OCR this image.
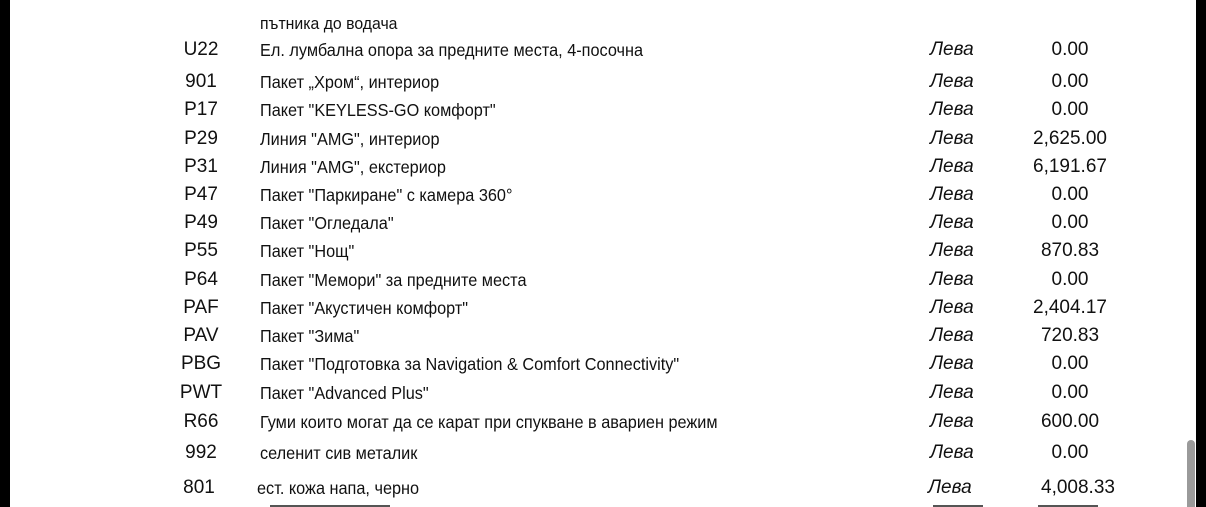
пътника до водача
U22	Ел. лумбална опора за предните места, 4-посочна	Лева	0.00
901	Пакет „Хром“, интериор	Лева	0.00
P17	Пакет "KEYLESS-GO комфорт"	Лева	0.00
P29	Линия "AMG", интериор	Лева	2,625.00
P31	Линия "AMG", екстериор	Лева	6,191.67
P47	Пакет "Паркиране" с камера 360°	Лева	0.00
P49	Пакет "Огледала"	Лева	0.00
P55	Пакет "Нощ"	Лева	870.83
P64	Пакет "Мемори" за предните места	Лева	0.00
PAF	Пакет "Акустичен комфорт"	Лева	2,404.17
PAV	Пакет "Зима"	Лева	720.83
PBG	Пакет "Подготовка за Navigation & Comfort Connectivity"	Лева	0.00
PWT	Пакет "Advanced Plus"	Лева	0.00
R66	Гуми които могат да се карат при спукване в авариен режим	Лева	600.00
992	селенит сив металик	Лева	0.00
801	ест. кожа напа, черно	Лева	4,008.33
